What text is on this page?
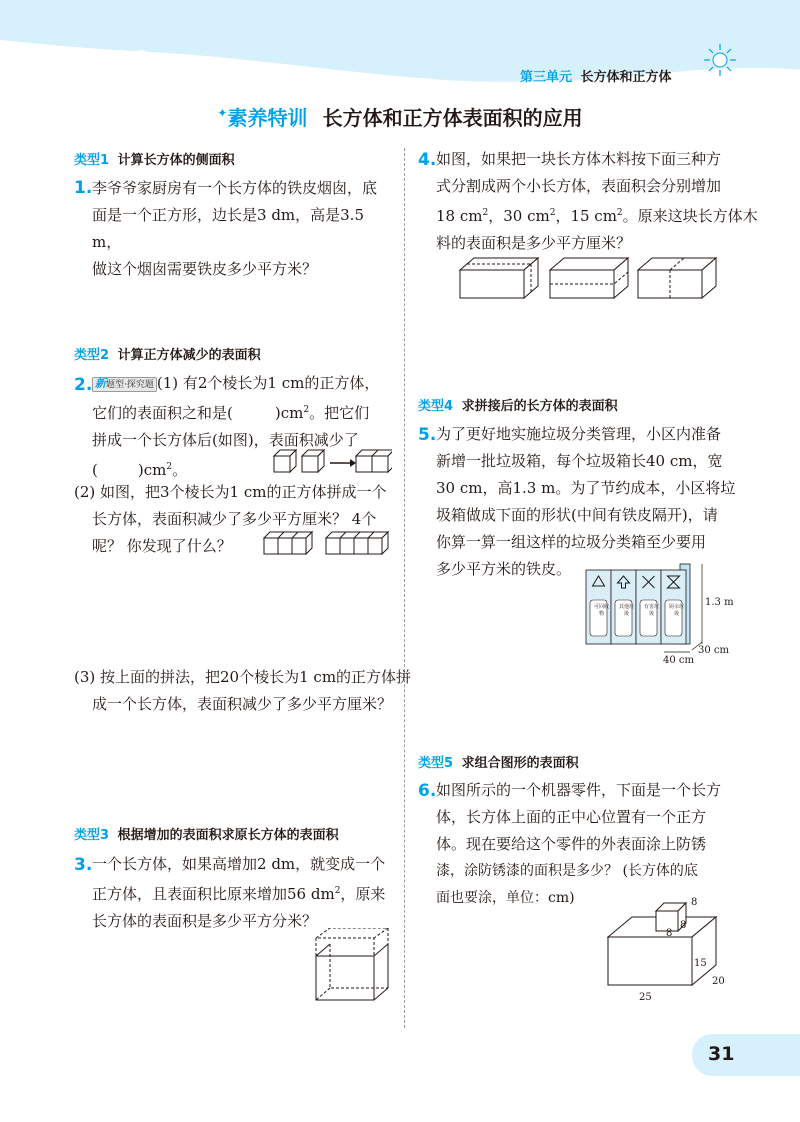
第三单元 长方体和正方体
✦素养特训 长方体和正方体表面积的应用
类型1 计算长方体的侧面积
1. 李爷爷家厨房有一个长方体的铁皮烟囱，底
面是一个正方形，边长是3 dm，高是3.5 m，
做这个烟囱需要铁皮多少平方米？
类型2 计算正方体减少的表面积
2. 新题型·探究题 (1) 有2个棱长为1 cm的正方体，
它们的表面积之和是(	)$cm^2$。把它们
拼成一个长方体后(如图)，表面积减少了
(	)$cm^2$。
(2) 如图，把3个棱长为1 cm的正方体拼成一个
长方体，表面积减少了多少平方厘米？ 4个
呢？ 你发现了什么？
(3) 按上面的拼法，把20个棱长为1 cm的正方体拼
成一个长方体，表面积减少了多少平方厘米？
类型3 根据增加的表面积求原长方体的表面积
3. 一个长方体，如果高增加2 dm，就变成一个
正方体，且表面积比原来增加56 $dm^2$，原来
长方体的表面积是多少平方分米？
4. 如图，如果把一块长方体木料按下面三种方
式分割成两个小长方体，表面积会分别增加
18 $cm^2$，30 $cm^2$，15 $cm^2$。原来这块长方体木
料的表面积是多少平方厘米？
类型4 求拼接后的长方体的表面积
5. 为了更好地实施垃圾分类管理，小区内准备
新增一批垃圾箱，每个垃圾箱长40 cm，宽
30 cm，高1.3 m。为了节约成本，小区将垃
圾箱做成下面的形状(中间有铁皮隔开)，请
你算一算一组这样的垃圾分类箱至少要用
多少平方米的铁皮。
可回收物
其他垃圾
有害垃圾
厨余垃圾
1.3 m
40 cm
30 cm
类型5 求组合图形的表面积
6. 如图所示的一个机器零件，下面是一个长方
体，长方体上面的正中心位置有一个正方
体。现在要给这个零件的外表面涂上防锈
漆，涂防锈漆的面积是多少？ (长方体的底
面也要涂，单位：cm)	8
8
8
15
20
25
31
